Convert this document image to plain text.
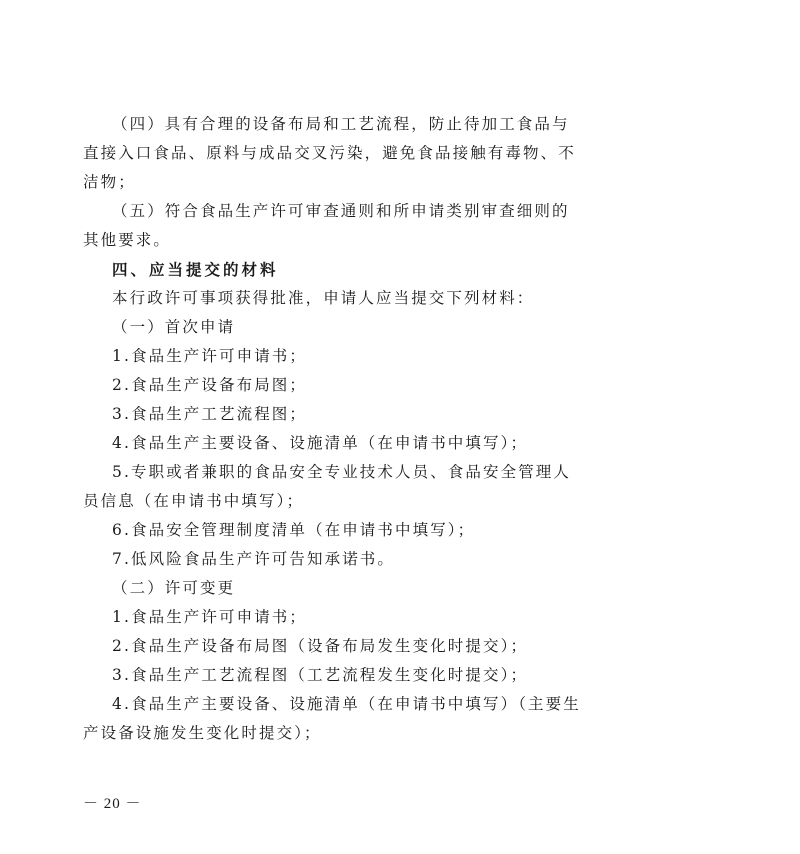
（四）具有合理的设备布局和工艺流程，防止待加工食品与
直接入口食品、原料与成品交叉污染，避免食品接触有毒物、不
洁物；
（五）符合食品生产许可审查通则和所申请类别审查细则的
其他要求。
四、应当提交的材料
本行政许可事项获得批准，申请人应当提交下列材料：
（一）首次申请
1.食品生产许可申请书；
2.食品生产设备布局图；
3.食品生产工艺流程图；
4.食品生产主要设备、设施清单（在申请书中填写）；
5.专职或者兼职的食品安全专业技术人员、食品安全管理人
员信息（在申请书中填写）；
6.食品安全管理制度清单（在申请书中填写）；
7.低风险食品生产许可告知承诺书。
（二）许可变更
1.食品生产许可申请书；
2.食品生产设备布局图（设备布局发生变化时提交）；
3.食品生产工艺流程图（工艺流程发生变化时提交）；
4.食品生产主要设备、设施清单（在申请书中填写）（主要生
产设备设施发生变化时提交）；
－ 20 －
